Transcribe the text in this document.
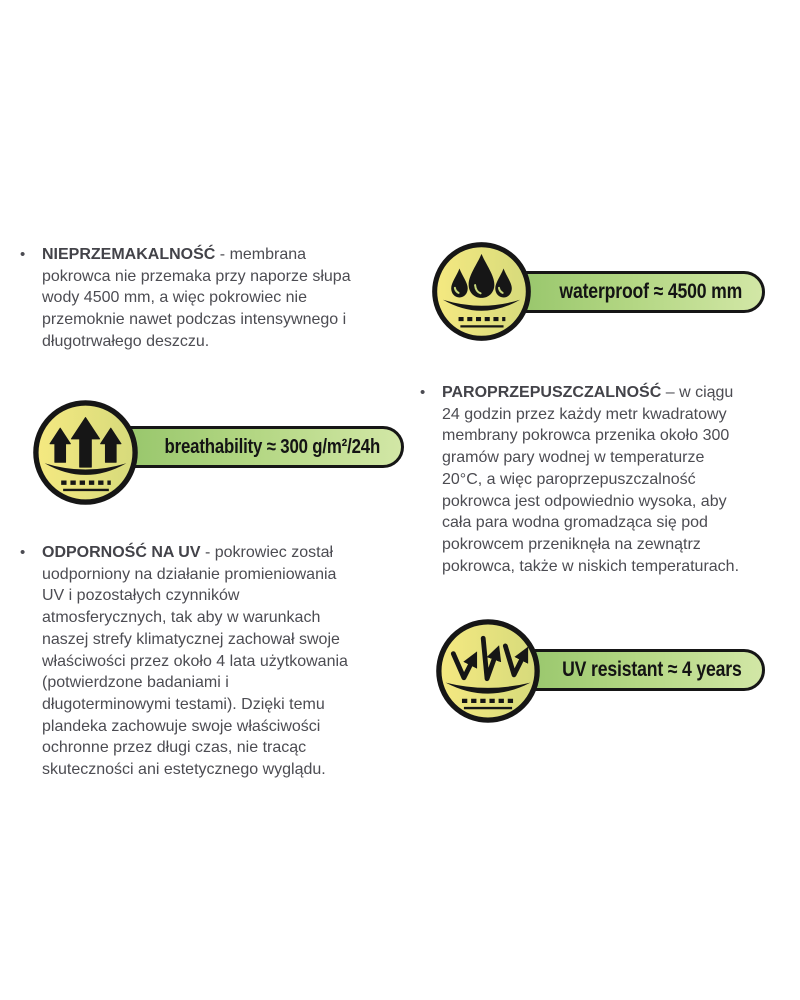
•	NIEPRZEMAKALNOŚĆ - membrana pokrowca nie przemaka przy naporze słupa wody 4500 mm, a więc pokrowiec nie przemoknie nawet podczas intensywnego i długotrwałego deszczu.

waterproof ≈ 4500 mm
breathability ≈ 300 g/m²/24h
•	PAROPRZEPUSZCZALNOŚĆ – w ciągu 24 godzin przez każdy metr kwadratowy membrany pokrowca przenika około 300 gramów pary wodnej w temperaturze 20°C, a więc paroprzepuszczalność pokrowca jest odpowiednio wysoka, aby cała para wodna gromadząca się pod pokrowcem przeniknęła na zewnątrz pokrowca, także w niskich temperaturach.

•	ODPORNOŚĆ NA UV - pokrowiec został uodporniony na działanie promieniowania UV i pozostałych czynników atmosferycznych, tak aby w warunkach naszej strefy klimatycznej zachował swoje właściwości przez około 4 lata użytkowania (potwierdzone badaniami i długoterminowymi testami). Dzięki temu plandeka zachowuje swoje właściwości ochronne przez długi czas, nie tracąc skuteczności ani estetycznego wyglądu.

UV resistant ≈ 4 years
